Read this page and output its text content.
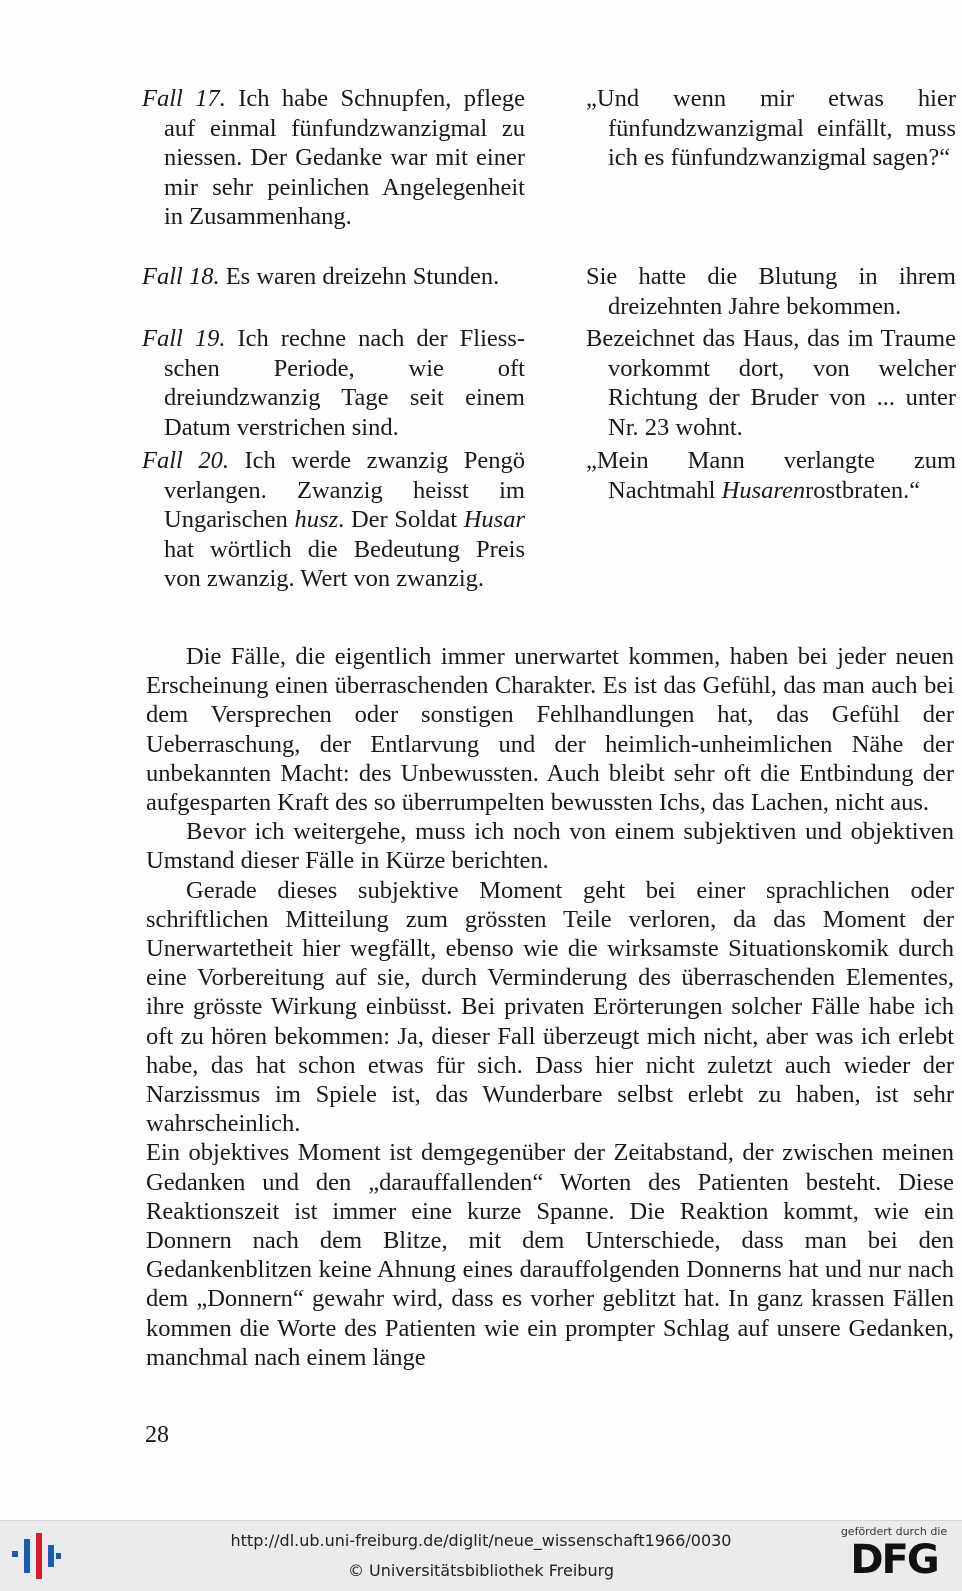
Fall 17. Ich habe Schnupfen, pflege auf einmal fünfundzwanzigmal zu niessen. Der Gedanke war mit einer mir sehr peinlichen Angelegenheit in Zusammenhang.
Fall 18. Es waren dreizehn Stunden.
Fall 19. Ich rechne nach der Fliess-schen Periode, wie oft dreiundzwanzig Tage seit einem Datum verstrichen sind.
Fall 20. Ich werde zwanzig Pengö verlangen. Zwanzig heisst im Ungarischen husz. Der Soldat Husar hat wörtlich die Bedeutung Preis von zwanzig. Wert von zwanzig.
„Und wenn mir etwas hier fünfundzwanzigmal einfällt, muss ich es fünfundzwanzigmal sagen?“
Sie hatte die Blutung in ihrem dreizehnten Jahre bekommen.
Bezeichnet das Haus, das im Traume vorkommt dort, von welcher Richtung der Bruder von ... unter Nr. 23 wohnt.
„Mein Mann verlangte zum Nachtmahl Husarenrostbraten.“

Die Fälle, die eigentlich immer unerwartet kommen, haben bei jeder neuen Erscheinung einen überraschenden Charakter. Es ist das Gefühl, das man auch bei dem Versprechen oder sonstigen Fehlhandlungen hat, das Gefühl der Ueberraschung, der Entlarvung und der heimlich-unheimlichen Nähe der unbekannten Macht: des Unbewussten. Auch bleibt sehr oft die Entbindung der aufgesparten Kraft des so überrumpelten bewussten Ichs, das Lachen, nicht aus.

Bevor ich weitergehe, muss ich noch von einem subjektiven und objektiven Umstand dieser Fälle in Kürze berichten.

Gerade dieses subjektive Moment geht bei einer sprachlichen oder schriftlichen Mitteilung zum grössten Teile verloren, da das Moment der Unerwartetheit hier wegfällt, ebenso wie die wirksamste Situationskomik durch eine Vorbereitung auf sie, durch Verminderung des überraschenden Elementes, ihre grösste Wirkung einbüsst. Bei privaten Erörterungen solcher Fälle habe ich oft zu hören bekommen: Ja, dieser Fall überzeugt mich nicht, aber was ich erlebt habe, das hat schon etwas für sich. Dass hier nicht zuletzt auch wieder der Narzissmus im Spiele ist, das Wunderbare selbst erlebt zu haben, ist sehr wahrscheinlich.

Ein objektives Moment ist demgegenüber der Zeitabstand, der zwischen meinen Gedanken und den „darauffallenden“ Worten des Patienten besteht. Diese Reaktionszeit ist immer eine kurze Spanne. Die Reaktion kommt, wie ein Donnern nach dem Blitze, mit dem Unterschiede, dass man bei den Gedankenblitzen keine Ahnung eines darauffolgenden Donnerns hat und nur nach dem „Donnern“ gewahr wird, dass es vorher geblitzt hat. In ganz krassen Fällen kommen die Worte des Patienten wie ein prompter Schlag auf unsere Gedanken, manchmal nach einem länge

28
http://dl.ub.uni-freiburg.de/diglit/neue_wissenschaft1966/0030
© Universitätsbibliothek Freiburg
gefördert durch die
DFG
